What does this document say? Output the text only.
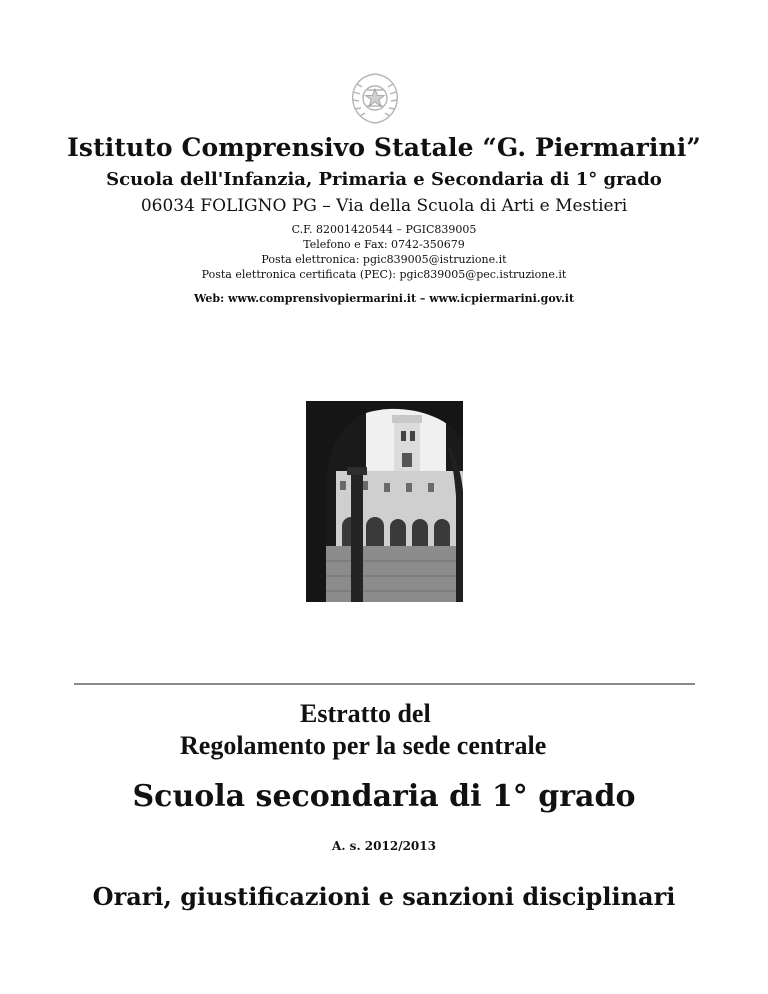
Istituto Comprensivo Statale “G. Piermarini”
Scuola dell'Infanzia, Primaria e Secondaria di 1° grado
06034 FOLIGNO PG – Via della Scuola di Arti e Mestieri
C.F. 82001420544 – PGIC839005
Telefono e Fax: 0742-350679
Posta elettronica: pgic839005@istruzione.it
Posta elettronica certificata (PEC): pgic839005@pec.istruzione.it
Web: www.comprensivopiermarini.it – www.icpiermarini.gov.it
Estratto del
Regolamento per la sede centrale
Scuola secondaria di 1° grado
A. s. 2012/2013
Orari, giustificazioni e sanzioni disciplinari
